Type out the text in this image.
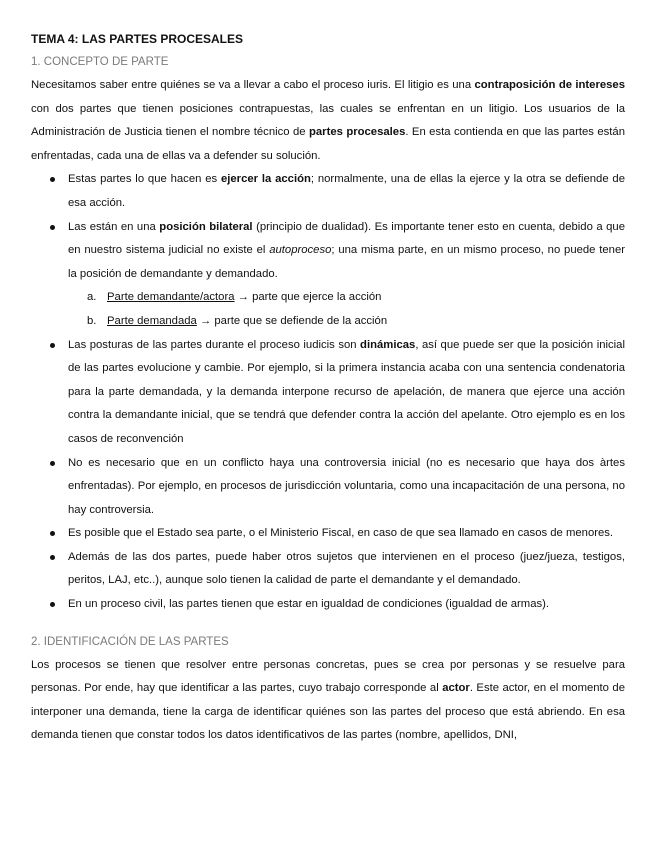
TEMA 4: LAS PARTES PROCESALES

1. CONCEPTO DE PARTE

Necesitamos saber entre quiénes se va a llevar a cabo el proceso iuris. El litigio es una contraposición de intereses con dos partes que tienen posiciones contrapuestas, las cuales se enfrentan en un litigio. Los usuarios de la Administración de Justicia tienen el nombre técnico de partes procesales. En esta contienda en que las partes están enfrentadas, cada una de ellas va a defender su solución.

Estas partes lo que hacen es ejercer la acción; normalmente, una de ellas la ejerce y la otra se defiende de esa acción.
Las están en una posición bilateral (principio de dualidad). Es importante tener esto en cuenta, debido a que en nuestro sistema judicial no existe el autoproceso; una misma parte, en un mismo proceso, no puede tener la posición de demandante y demandado.
a. Parte demandante/actora → parte que ejerce la acción
b. Parte demandada → parte que se defiende de la acción
Las posturas de las partes durante el proceso iudicis son dinámicas, así que puede ser que la posición inicial de las partes evolucione y cambie. Por ejemplo, si la primera instancia acaba con una sentencia condenatoria para la parte demandada, y la demanda interpone recurso de apelación, de manera que ejerce una acción contra la demandante inicial, que se tendrá que defender contra la acción del apelante. Otro ejemplo es en los casos de reconvención
No es necesario que en un conflicto haya una controversia inicial (no es necesario que haya dos àrtes enfrentadas). Por ejemplo, en procesos de jurisdicción voluntaria, como una incapacitación de una persona, no hay controversia.
Es posible que el Estado sea parte, o el Ministerio Fiscal, en caso de que sea llamado en casos de menores.
Además de las dos partes, puede haber otros sujetos que intervienen en el proceso (juez/jueza, testigos, peritos, LAJ, etc..), aunque solo tienen la calidad de parte el demandante y el demandado.
En un proceso civil, las partes tienen que estar en igualdad de condiciones (igualdad de armas).

2. IDENTIFICACIÓN DE LAS PARTES

Los procesos se tienen que resolver entre personas concretas, pues se crea por personas y se resuelve para personas. Por ende, hay que identificar a las partes, cuyo trabajo corresponde al actor. Este actor, en el momento de interponer una demanda, tiene la carga de identificar quiénes son las partes del proceso que está abriendo. En esa demanda tienen que constar todos los datos identificativos de las partes (nombre, apellidos, DNI,
